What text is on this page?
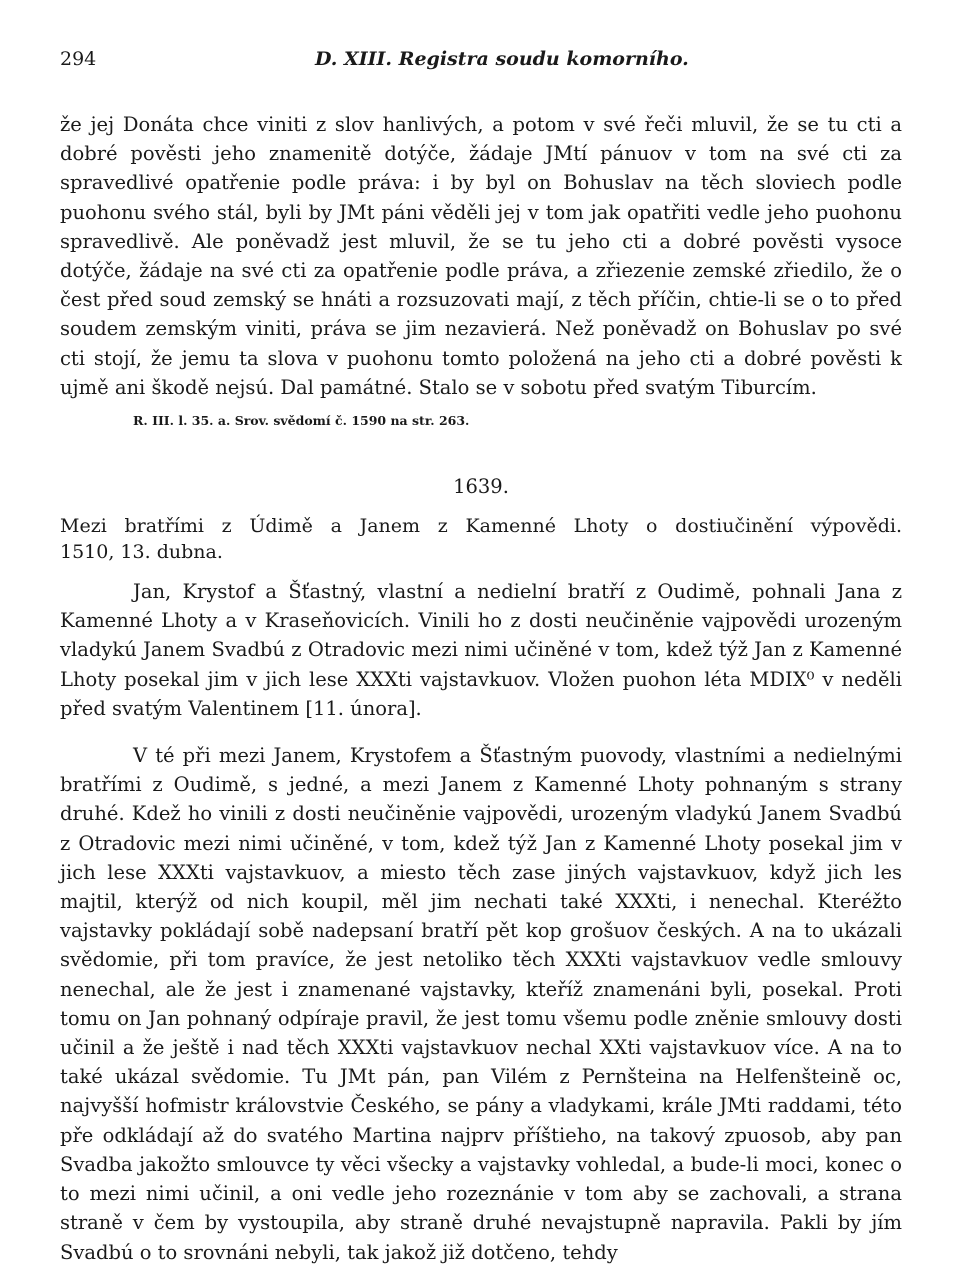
294	D. XIII. Registra soudu komorního.

že jej Donáta chce viniti z slov hanlivých, a potom v své řeči mluvil, že se tu cti a dobré pověsti jeho znamenitě dotýče, žádaje JMtí pánuov v tom na své cti za spravedlivé opatřenie podle práva: i by byl on Bohuslav na těch sloviech podle puohonu svého stál, byli by JMt páni věděli jej v tom jak opatřiti vedle jeho puohonu spravedlivě. Ale poněvadž jest mluvil, že se tu jeho cti a dobré pověsti vysoce dotýče, žádaje na své cti za opatřenie podle práva, a zřiezenie zemské zřiedilo, že o čest před soud zemský se hnáti a rozsuzovati mají, z těch příčin, chtie-li se o to před soudem zemským viniti, práva se jim nezavierá. Než poněvadž on Bohuslav po své cti stojí, že jemu ta slova v puohonu tomto položená na jeho cti a dobré pověsti k ujmě ani škodě nejsú. Dal památné. Stalo se v sobotu před svatým Tiburcím.

R. III. l. 35. a. Srov. svědomí č. 1590 na str. 263.
1639.
Mezi bratřími z Údimě a Janem z Kamenné Lhoty o dostiučinění výpovědi. 1510, 13. dubna.

Jan, Krystof a Šťastný, vlastní a nedielní bratří z Oudimě, pohnali Jana z Kamenné Lhoty a v Kraseňovicích. Vinili ho z dosti neučiněnie vajpovědi urozeným vladykú Janem Svadbú z Otradovic mezi nimi učiněné v tom, kdež týž Jan z Kamenné Lhoty posekal jim v jich lese XXXti vajstavkuov. Vložen puohon léta MDIX⁰ v neděli před svatým Valentinem [11. února].

V té při mezi Janem, Krystofem a Šťastným puovody, vlastními a nedielnými bratřími z Oudimě, s jedné, a mezi Janem z Kamenné Lhoty pohnaným s strany druhé. Kdež ho vinili z dosti neučiněnie vajpovědi, urozeným vladykú Janem Svadbú z Otradovic mezi nimi učiněné, v tom, kdež týž Jan z Kamenné Lhoty posekal jim v jich lese XXXti vajstavkuov, a miesto těch zase jiných vajstavkuov, když jich les majtil, kterýž od nich koupil, měl jim nechati také XXXti, i nenechal. Kteréžto vajstavky pokládají sobě nadepsaní bratří pět kop grošuov českých. A na to ukázali svědomie, při tom pravíce, že jest netoliko těch XXXti vajstavkuov vedle smlouvy nenechal, ale že jest i znamenané vajstavky, kteříž znamenáni byli, posekal. Proti tomu on Jan pohnaný odpíraje pravil, že jest tomu všemu podle zněnie smlouvy dosti učinil a že ještě i nad těch XXXti vajstavkuov nechal XXti vajstavkuov více. A na to také ukázal svědomie. Tu JMt pán, pan Vilém z Pernšteina na Helfenšteině oc, najvyšší hofmistr královstvie Českého, se pány a vladykami, krále JMti raddami, této pře odkládají až do svatého Martina najprv příštieho, na takový zpuosob, aby pan Svadba jakožto smlouvce ty věci všecky a vajstavky vohledal, a bude-li moci, konec o to mezi nimi učinil, a oni vedle jeho rozeznánie v tom aby se zachovali, a strana straně v čem by vystoupila, aby straně druhé nevajstupně napravila. Pakli by jím Svadbú o to srovnáni nebyli, tak jakož již dotčeno, tehdy
